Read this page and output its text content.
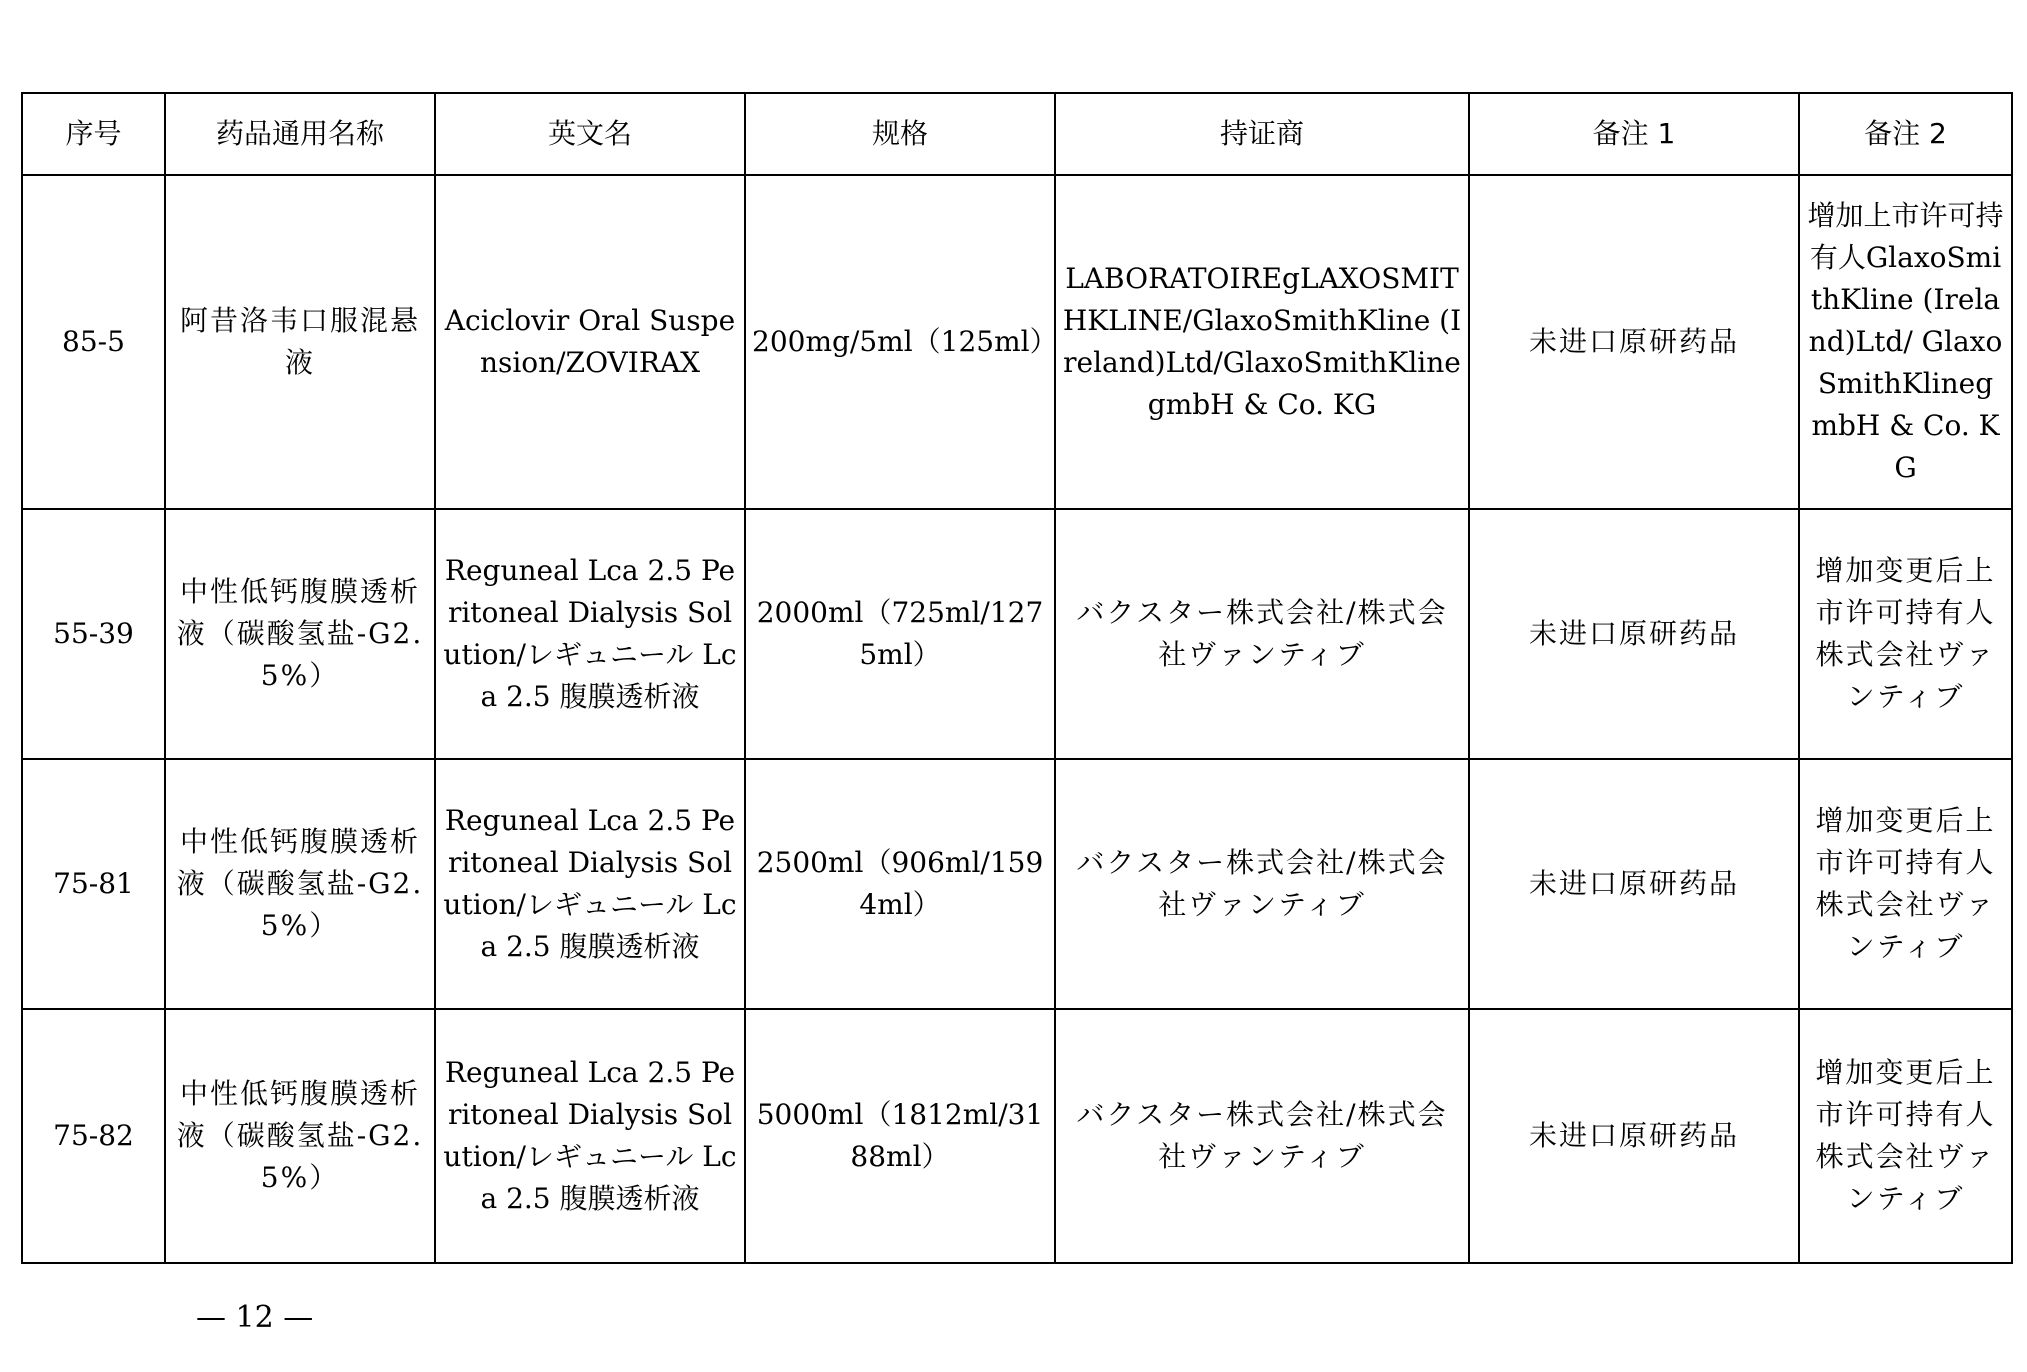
序号	药品通用名称	英文名	规格	持证商	备注 1	备注 2
85-5	阿昔洛韦口服混悬液	Aciclovir Oral Suspension/ZOVIRAX	200mg/5ml（125ml）	LABORATOIREgLAXOSMITHKLINE/GlaxoSmithKline (Ireland)Ltd/GlaxoSmithKlinegmbH & Co. KG	未进口原研药品	增加上市许可持有人GlaxoSmithKline (Ireland)Ltd/ GlaxoSmithKlinegmbH & Co. KG
55-39	中性低钙腹膜透析液（碳酸氢盐-G2.5%）	Reguneal Lca 2.5 Peritoneal Dialysis Solution/レギュニール Lca 2.5 腹膜透析液	2000ml（725ml/1275ml）	バクスター株式会社/株式会社ヴァンティブ	未进口原研药品	增加变更后上市许可持有人株式会社ヴァンティブ
75-81	中性低钙腹膜透析液（碳酸氢盐-G2.5%）	Reguneal Lca 2.5 Peritoneal Dialysis Solution/レギュニール Lca 2.5 腹膜透析液	2500ml（906ml/1594ml）	バクスター株式会社/株式会社ヴァンティブ	未进口原研药品	增加变更后上市许可持有人株式会社ヴァンティブ
75-82	中性低钙腹膜透析液（碳酸氢盐-G2.5%）	Reguneal Lca 2.5 Peritoneal Dialysis Solution/レギュニール Lca 2.5 腹膜透析液	5000ml（1812ml/3188ml）	バクスター株式会社/株式会社ヴァンティブ	未进口原研药品	增加变更后上市许可持有人株式会社ヴァンティブ
— 12 —
